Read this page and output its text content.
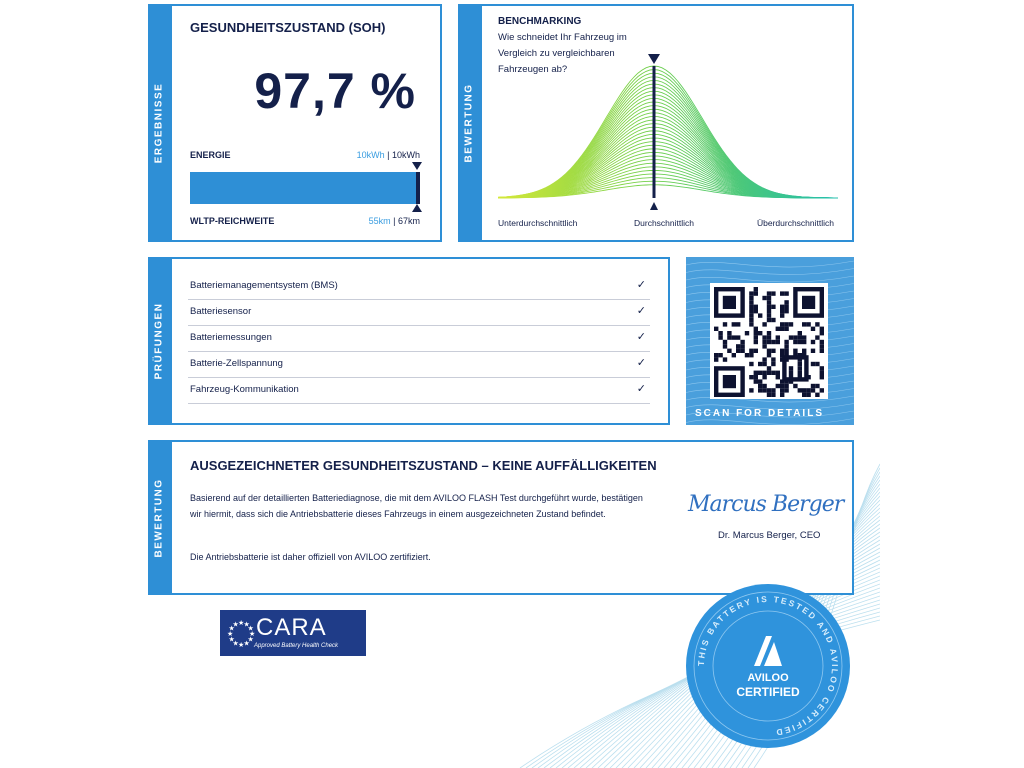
ERGEBNISSE
GESUNDHEITSZUSTAND (SOH)
97,7 %
ENERGIE	10kWh | 10kWh
WLTP-REICHWEITE	55km | 67km
BEWERTUNG
BENCHMARKING
Wie schneidet Ihr Fahrzeug im Vergleich zu vergleichbaren Fahrzeugen ab?
Unterdurchschnittlich	Durchschnittlich	Überdurchschnittlich
PRÜFUNGEN
Batteriemanagementsystem (BMS)	✓
Batteriesensor	✓
Batteriemessungen	✓
Batterie-Zellspannung	✓
Fahrzeug-Kommunikation	✓
SCAN FOR DETAILS
BEWERTUNG
AUSGEZEICHNETER GESUNDHEITSZUSTAND – KEINE AUFFÄLLIGKEITEN
Basierend auf der detaillierten Batteriediagnose, die mit dem AVILOO FLASH Test durchgeführt wurde, bestätigen wir hiermit, dass sich die Antriebsbatterie dieses Fahrzeugs in einem ausgezeichneten Zustand befindet.
Die Antriebsbatterie ist daher offiziell von AVILOO zertifiziert.
Marcus Berger
Dr. Marcus Berger, CEO
★
★
★
★
★
★
★
★
★ ★ ★
★ CARA
Approved Battery Health Check
THIS BATTERY IS TESTED AND AVILOO CERTIFIED
AVILOO
CERTIFIED
